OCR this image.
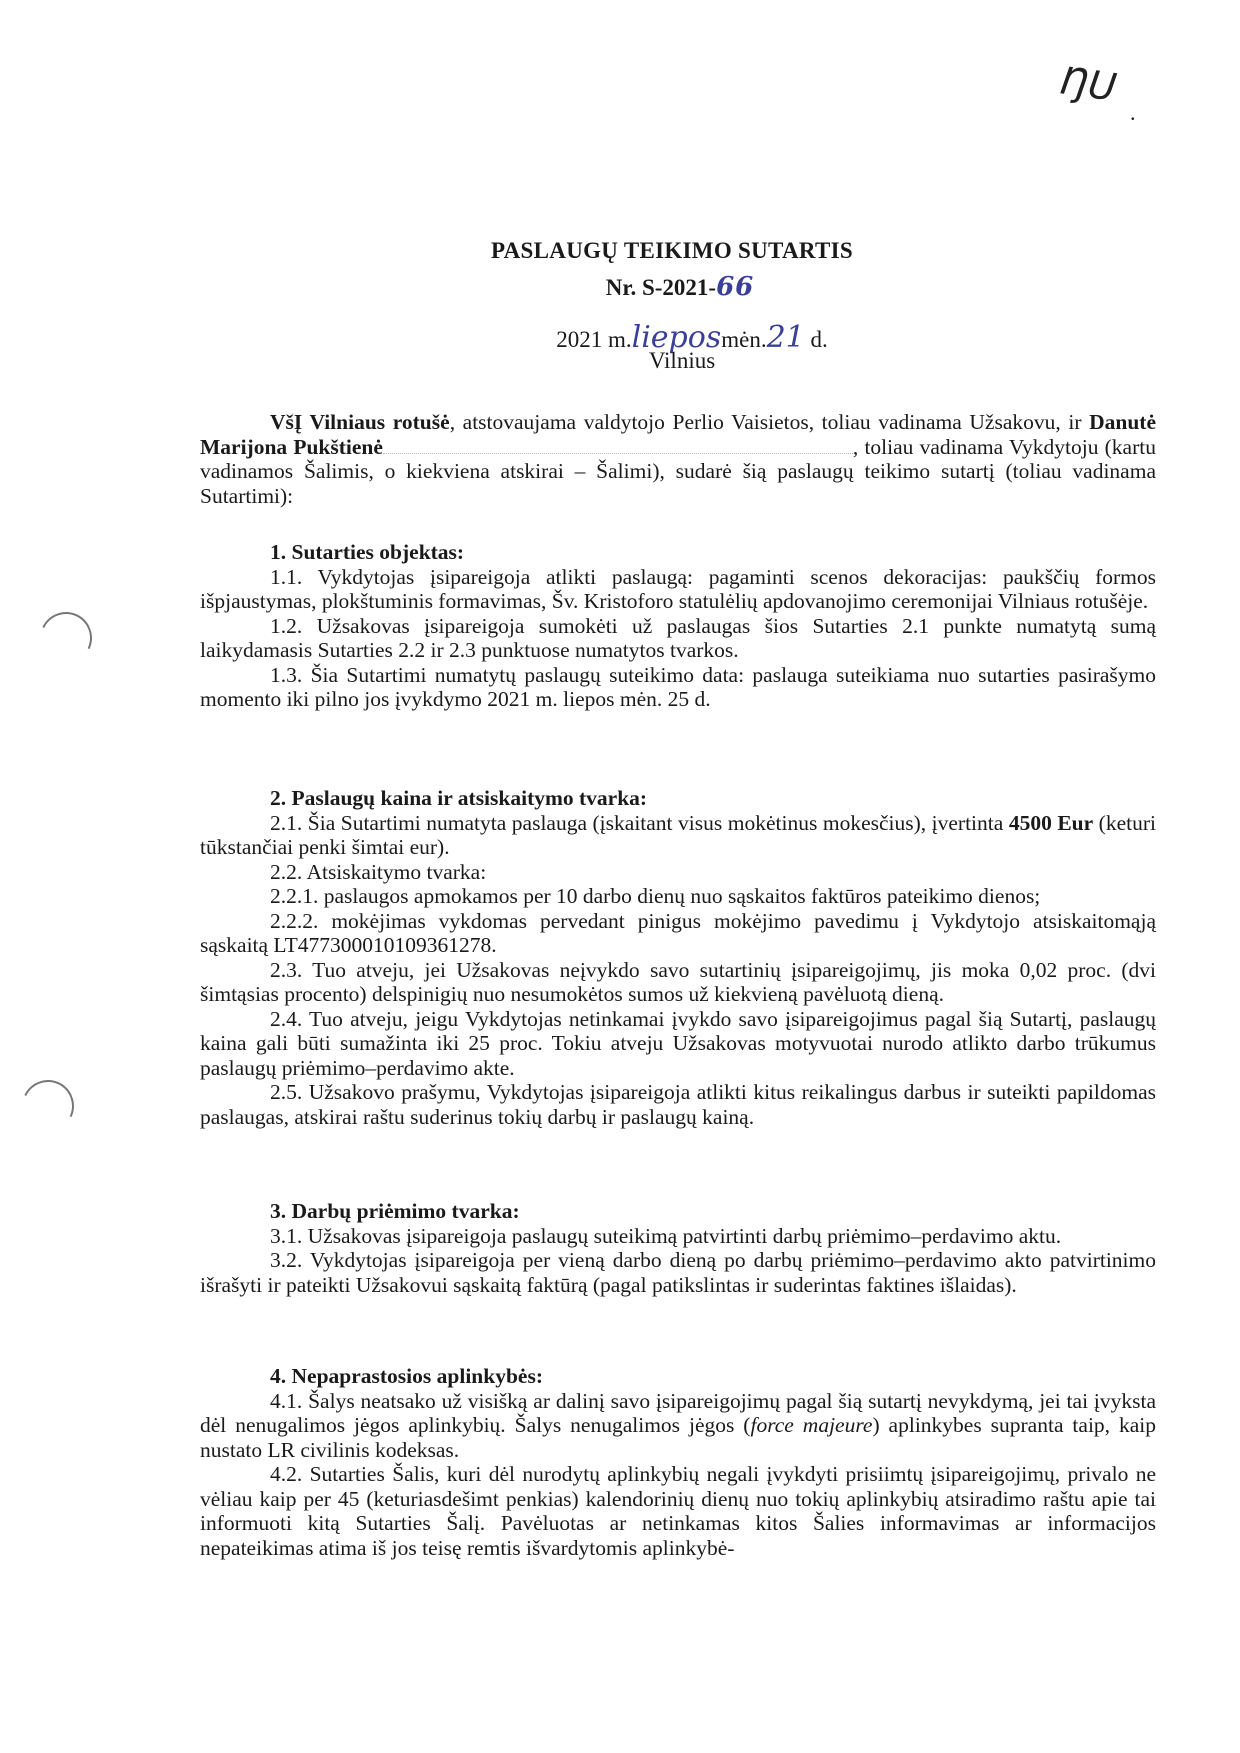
ŊU
.
PASLAUGŲ TEIKIMO SUTARTIS
Nr. S-2021-66
2021 m.lieposmėn.21 d.
Vilnius

VšĮ Vilniaus rotušė, atstovaujama valdytojo Perlio Vaisietos, toliau vadinama Užsakovu, ir Danutė Marijona Pukštienė	, toliau vadinama Vykdytoju (kartu vadinamos Šalimis, o kiekviena atskirai – Šalimi), sudarė šią paslaugų teikimo sutartį (toliau vadinama Sutartimi):

1. Sutarties objektas:

1.1. Vykdytojas įsipareigoja atlikti paslaugą: pagaminti scenos dekoracijas: paukščių formos išpjaustymas, plokštuminis formavimas, Šv. Kristoforo statulėlių apdovanojimo ceremonijai Vilniaus rotušėje.

1.2. Užsakovas įsipareigoja sumokėti už paslaugas šios Sutarties 2.1 punkte numatytą sumą laikydamasis Sutarties 2.2 ir 2.3 punktuose numatytos tvarkos.

1.3. Šia Sutartimi numatytų paslaugų suteikimo data: paslauga suteikiama nuo sutarties pasirašymo momento iki pilno jos įvykdymo 2021 m. liepos mėn. 25 d.

2. Paslaugų kaina ir atsiskaitymo tvarka:

2.1. Šia Sutartimi numatyta paslauga (įskaitant visus mokėtinus mokesčius), įvertinta 4500 Eur (keturi tūkstančiai penki šimtai eur).

2.2. Atsiskaitymo tvarka:

2.2.1. paslaugos apmokamos per 10 darbo dienų nuo sąskaitos faktūros pateikimo dienos;

2.2.2. mokėjimas vykdomas pervedant pinigus mokėjimo pavedimu į Vykdytojo atsiskaitomąją sąskaitą LT477300010109361278.

2.3. Tuo atveju, jei Užsakovas neįvykdo savo sutartinių įsipareigojimų, jis moka 0,02 proc. (dvi šimtąsias procento) delspinigių nuo nesumokėtos sumos už kiekvieną pavėluotą dieną.

2.4. Tuo atveju, jeigu Vykdytojas netinkamai įvykdo savo įsipareigojimus pagal šią Sutartį, paslaugų kaina gali būti sumažinta iki 25 proc. Tokiu atveju Užsakovas motyvuotai nurodo atlikto darbo trūkumus paslaugų priėmimo–perdavimo akte.

2.5. Užsakovo prašymu, Vykdytojas įsipareigoja atlikti kitus reikalingus darbus ir suteikti papildomas paslaugas, atskirai raštu suderinus tokių darbų ir paslaugų kainą.

3. Darbų priėmimo tvarka:

3.1. Užsakovas įsipareigoja paslaugų suteikimą patvirtinti darbų priėmimo–perdavimo aktu.

3.2. Vykdytojas įsipareigoja per vieną darbo dieną po darbų priėmimo–perdavimo akto patvirtinimo išrašyti ir pateikti Užsakovui sąskaitą faktūrą (pagal patikslintas ir suderintas faktines išlaidas).

4. Nepaprastosios aplinkybės:

4.1. Šalys neatsako už visišką ar dalinį savo įsipareigojimų pagal šią sutartį nevykdymą, jei tai įvyksta dėl nenugalimos jėgos aplinkybių. Šalys nenugalimos jėgos (force majeure) aplinkybes supranta taip, kaip nustato LR civilinis kodeksas.

4.2. Sutarties Šalis, kuri dėl nurodytų aplinkybių negali įvykdyti prisiimtų įsipareigojimų, privalo ne vėliau kaip per 45 (keturiasdešimt penkias) kalendorinių dienų nuo tokių aplinkybių atsiradimo raštu apie tai informuoti kitą Sutarties Šalį. Pavėluotas ar netinkamas kitos Šalies informavimas ar informacijos nepateikimas atima iš jos teisę remtis išvardytomis aplinkybė-
